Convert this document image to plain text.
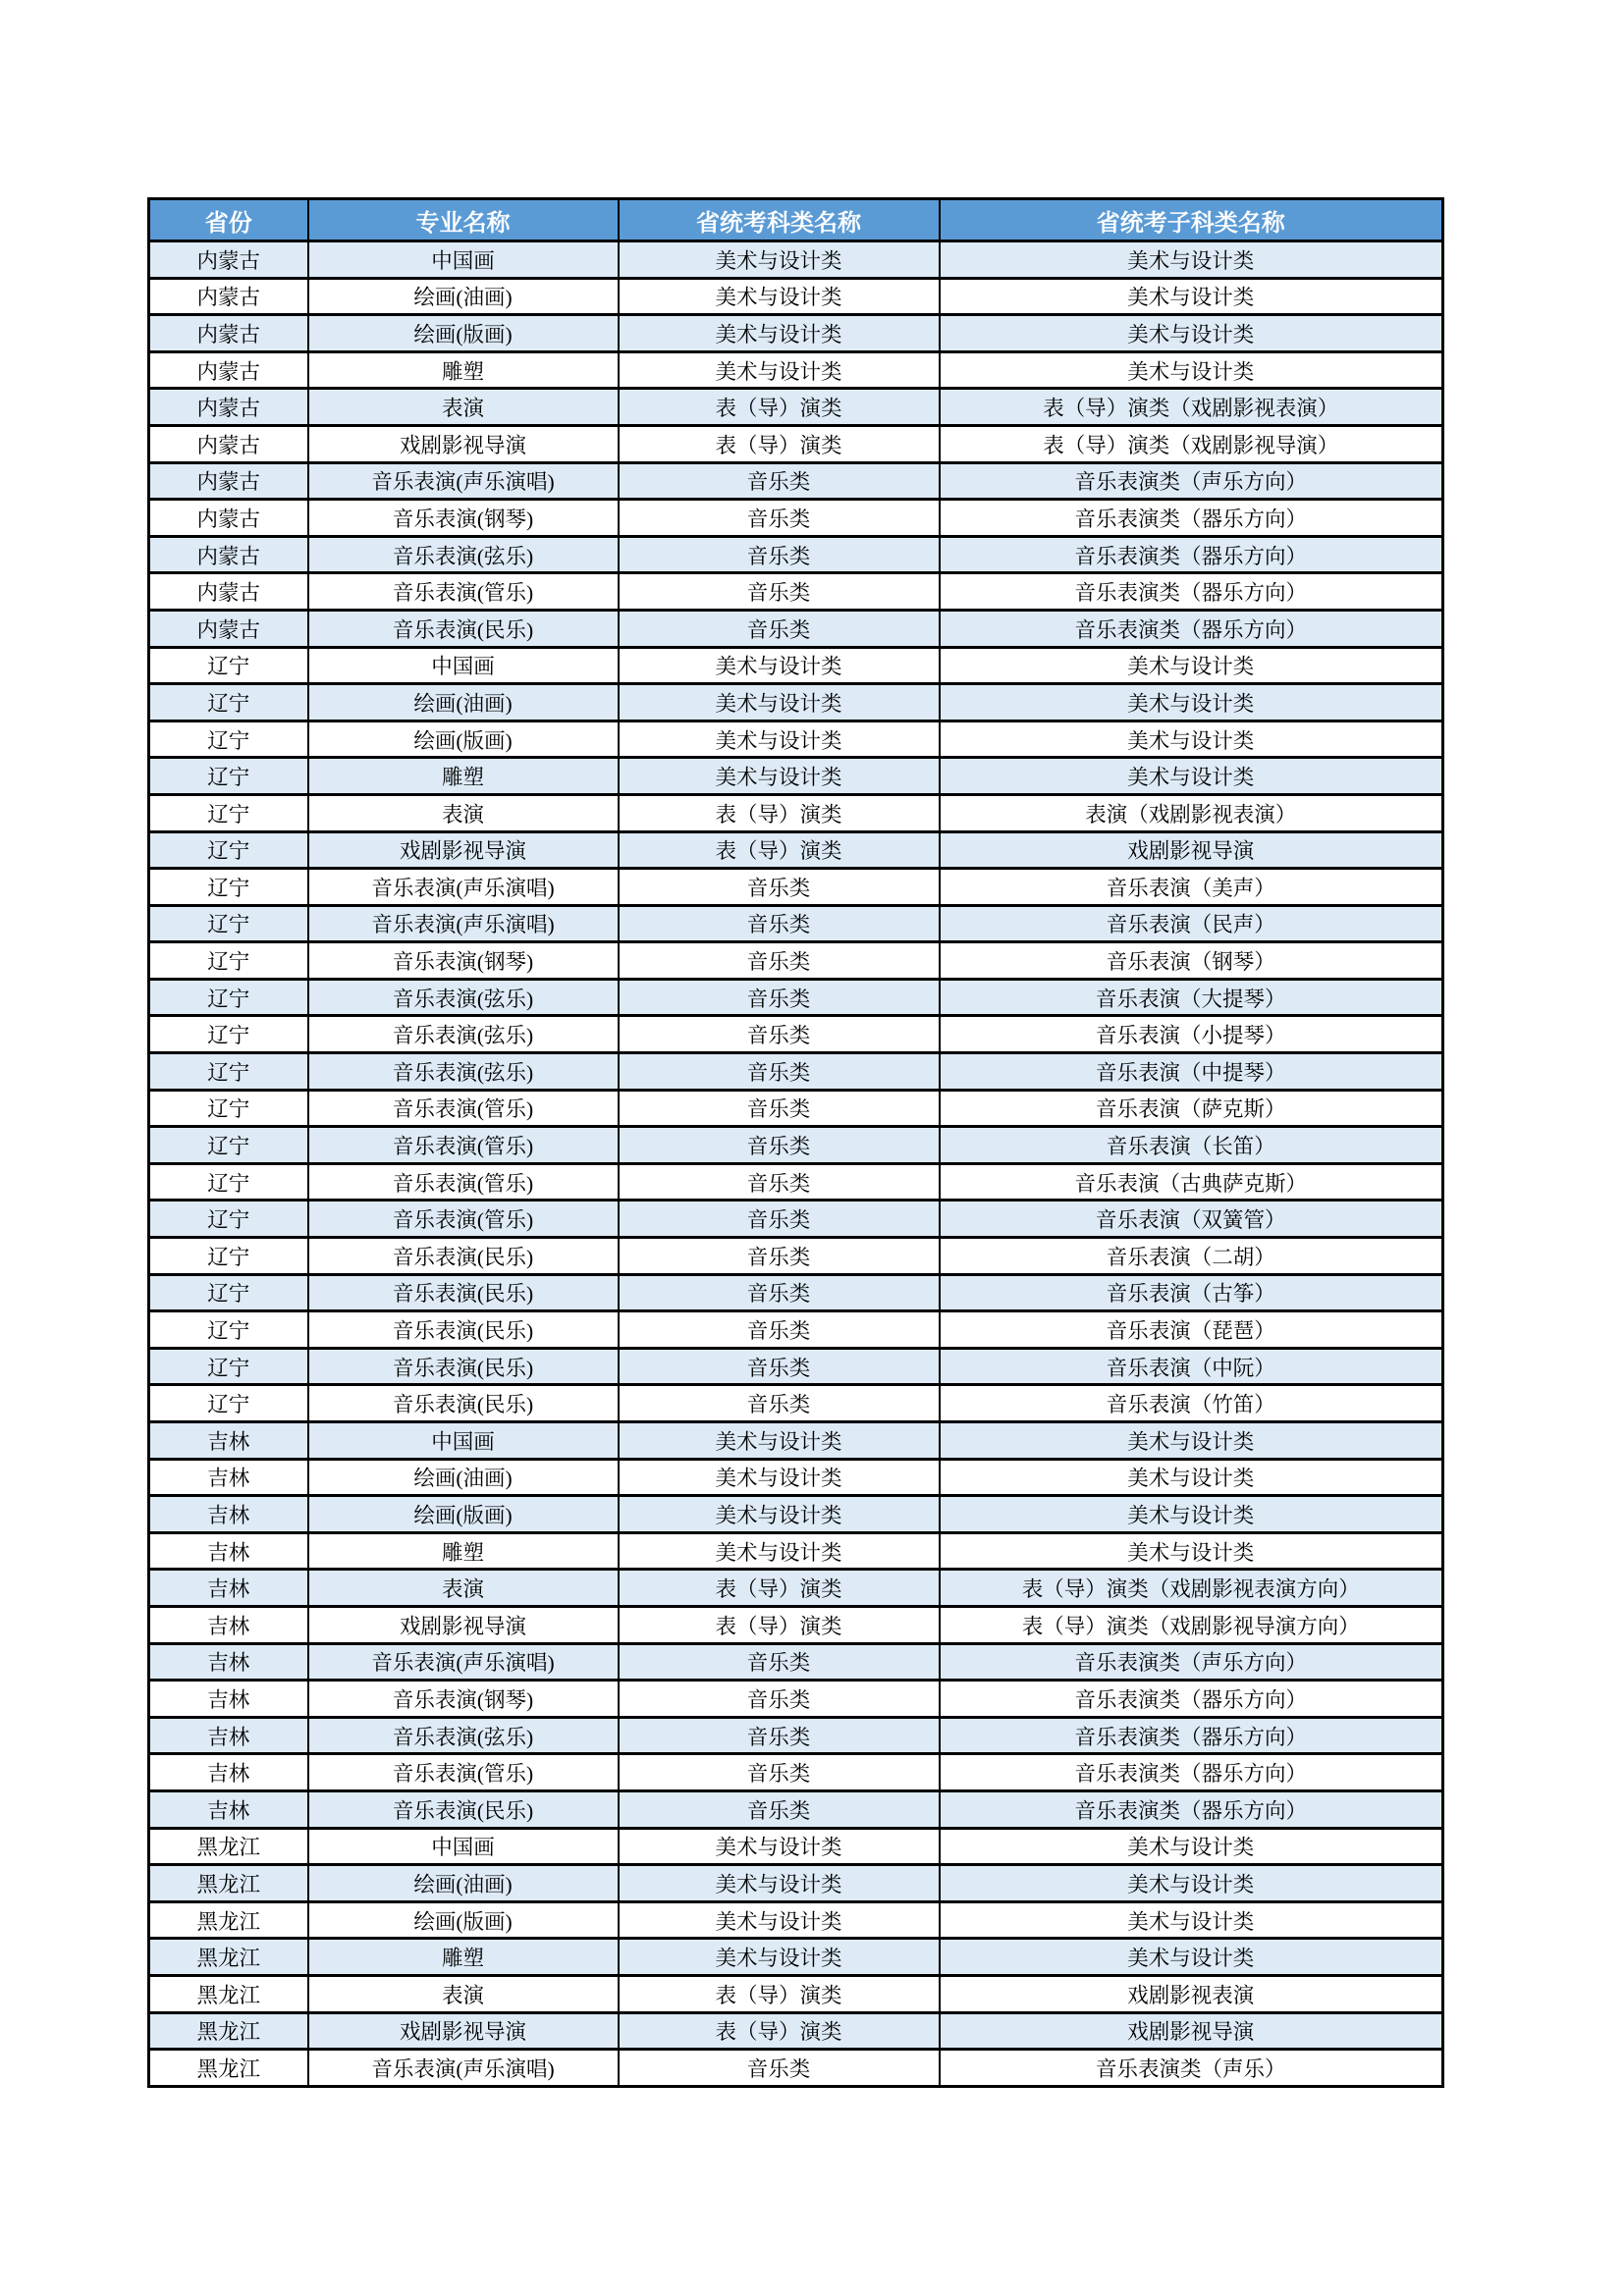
省份	专业名称	省统考科类名称	省统考子科类名称
内蒙古	中国画	美术与设计类	美术与设计类
内蒙古	绘画(油画)	美术与设计类	美术与设计类
内蒙古	绘画(版画)	美术与设计类	美术与设计类
内蒙古	雕塑	美术与设计类	美术与设计类
内蒙古	表演	表（导）演类	表（导）演类（戏剧影视表演）
内蒙古	戏剧影视导演	表（导）演类	表（导）演类（戏剧影视导演）
内蒙古	音乐表演(声乐演唱)	音乐类	音乐表演类（声乐方向）
内蒙古	音乐表演(钢琴)	音乐类	音乐表演类（器乐方向）
内蒙古	音乐表演(弦乐)	音乐类	音乐表演类（器乐方向）
内蒙古	音乐表演(管乐)	音乐类	音乐表演类（器乐方向）
内蒙古	音乐表演(民乐)	音乐类	音乐表演类（器乐方向）
辽宁	中国画	美术与设计类	美术与设计类
辽宁	绘画(油画)	美术与设计类	美术与设计类
辽宁	绘画(版画)	美术与设计类	美术与设计类
辽宁	雕塑	美术与设计类	美术与设计类
辽宁	表演	表（导）演类	表演（戏剧影视表演）
辽宁	戏剧影视导演	表（导）演类	戏剧影视导演
辽宁	音乐表演(声乐演唱)	音乐类	音乐表演（美声）
辽宁	音乐表演(声乐演唱)	音乐类	音乐表演（民声）
辽宁	音乐表演(钢琴)	音乐类	音乐表演（钢琴）
辽宁	音乐表演(弦乐)	音乐类	音乐表演（大提琴）
辽宁	音乐表演(弦乐)	音乐类	音乐表演（小提琴）
辽宁	音乐表演(弦乐)	音乐类	音乐表演（中提琴）
辽宁	音乐表演(管乐)	音乐类	音乐表演（萨克斯）
辽宁	音乐表演(管乐)	音乐类	音乐表演（长笛）
辽宁	音乐表演(管乐)	音乐类	音乐表演（古典萨克斯）
辽宁	音乐表演(管乐)	音乐类	音乐表演（双簧管）
辽宁	音乐表演(民乐)	音乐类	音乐表演（二胡）
辽宁	音乐表演(民乐)	音乐类	音乐表演（古筝）
辽宁	音乐表演(民乐)	音乐类	音乐表演（琵琶）
辽宁	音乐表演(民乐)	音乐类	音乐表演（中阮）
辽宁	音乐表演(民乐)	音乐类	音乐表演（竹笛）
吉林	中国画	美术与设计类	美术与设计类
吉林	绘画(油画)	美术与设计类	美术与设计类
吉林	绘画(版画)	美术与设计类	美术与设计类
吉林	雕塑	美术与设计类	美术与设计类
吉林	表演	表（导）演类	表（导）演类（戏剧影视表演方向）
吉林	戏剧影视导演	表（导）演类	表（导）演类（戏剧影视导演方向）
吉林	音乐表演(声乐演唱)	音乐类	音乐表演类（声乐方向）
吉林	音乐表演(钢琴)	音乐类	音乐表演类（器乐方向）
吉林	音乐表演(弦乐)	音乐类	音乐表演类（器乐方向）
吉林	音乐表演(管乐)	音乐类	音乐表演类（器乐方向）
吉林	音乐表演(民乐)	音乐类	音乐表演类（器乐方向）
黑龙江	中国画	美术与设计类	美术与设计类
黑龙江	绘画(油画)	美术与设计类	美术与设计类
黑龙江	绘画(版画)	美术与设计类	美术与设计类
黑龙江	雕塑	美术与设计类	美术与设计类
黑龙江	表演	表（导）演类	戏剧影视表演
黑龙江	戏剧影视导演	表（导）演类	戏剧影视导演
黑龙江	音乐表演(声乐演唱)	音乐类	音乐表演类（声乐）
